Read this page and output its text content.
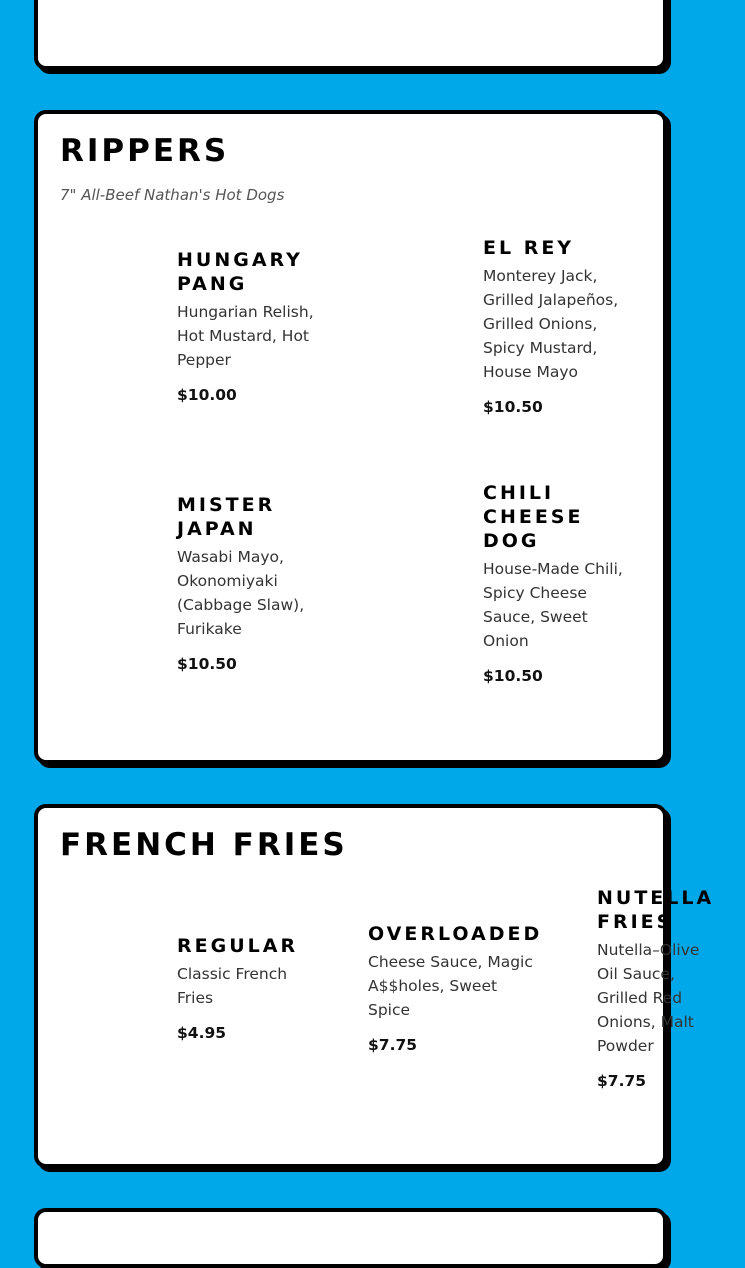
RIPPERS
7" All-Beef Nathan's Hot Dogs
HUNGARY PANG
Hungarian Relish, Hot Mustard, Hot Pepper
$10.00
EL REY
Monterey Jack, Grilled Jalapeños, Grilled Onions, Spicy Mustard, House Mayo
$10.50
MISTER JAPAN
Wasabi Mayo, Okonomiyaki (Cabbage Slaw), Furikake
$10.50
CHILI CHEESE DOG
House-Made Chili, Spicy Cheese Sauce, Sweet Onion
$10.50
FRENCH FRIES
REGULAR
Classic French Fries
$4.95
OVERLOADED
Cheese Sauce, Magic A$$holes, Sweet Spice
$7.75
NUTELLA FRIES
Nutella–Olive Oil Sauce, Grilled Red Onions, Malt Powder
$7.75
